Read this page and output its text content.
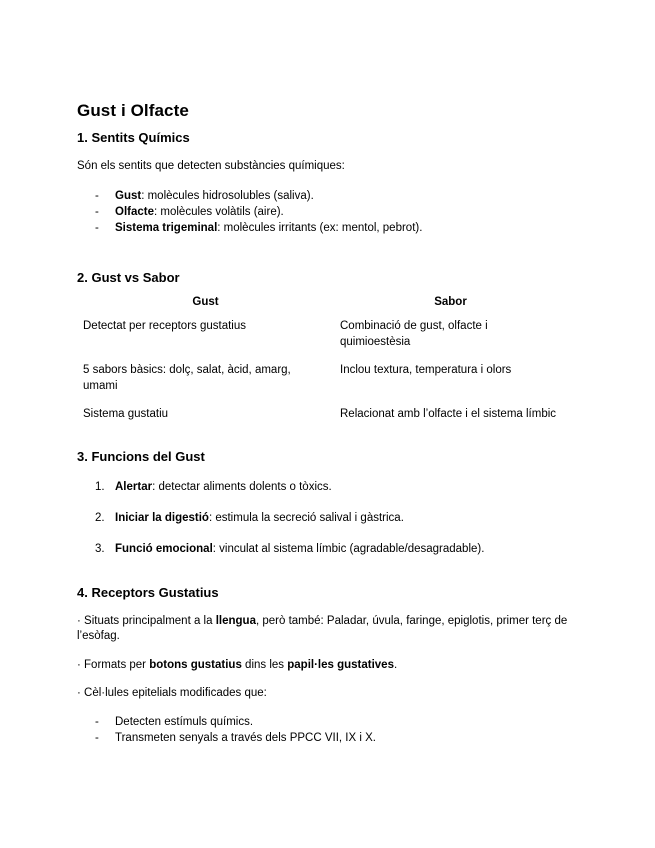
Gust i Olfacte
1. Sentits Químics
Són els sentits que detecten substàncies químiques:
- Gust: molècules hidrosolubles (saliva).
- Olfacte: molècules volàtils (aire).
- Sistema trigeminal: molècules irritants (ex: mentol, pebrot).
2. Gust vs Sabor
Gust	Sabor
Detectat per receptors gustatius	Combinació de gust, olfacte i quimioestèsia
5 sabors bàsics: dolç, salat, àcid, amarg, umami	Inclou textura, temperatura i olors
Sistema gustatiu	Relacionat amb l’olfacte i el sistema límbic
3. Funcions del Gust
1. Alertar: detectar aliments dolents o tòxics.
2. Iniciar la digestió: estimula la secreció salival i gàstrica.
3. Funció emocional: vinculat al sistema límbic (agradable/desagradable).
4. Receptors Gustatius
· Situats principalment a la llengua, però també: Paladar, úvula, faringe, epiglotis, primer terç de l’esòfag.
· Formats per botons gustatius dins les papil·les gustatives.
· Cèl·lules epitelials modificades que:
- Detecten estímuls químics.
- Transmeten senyals a través dels PPCC VII, IX i X.
